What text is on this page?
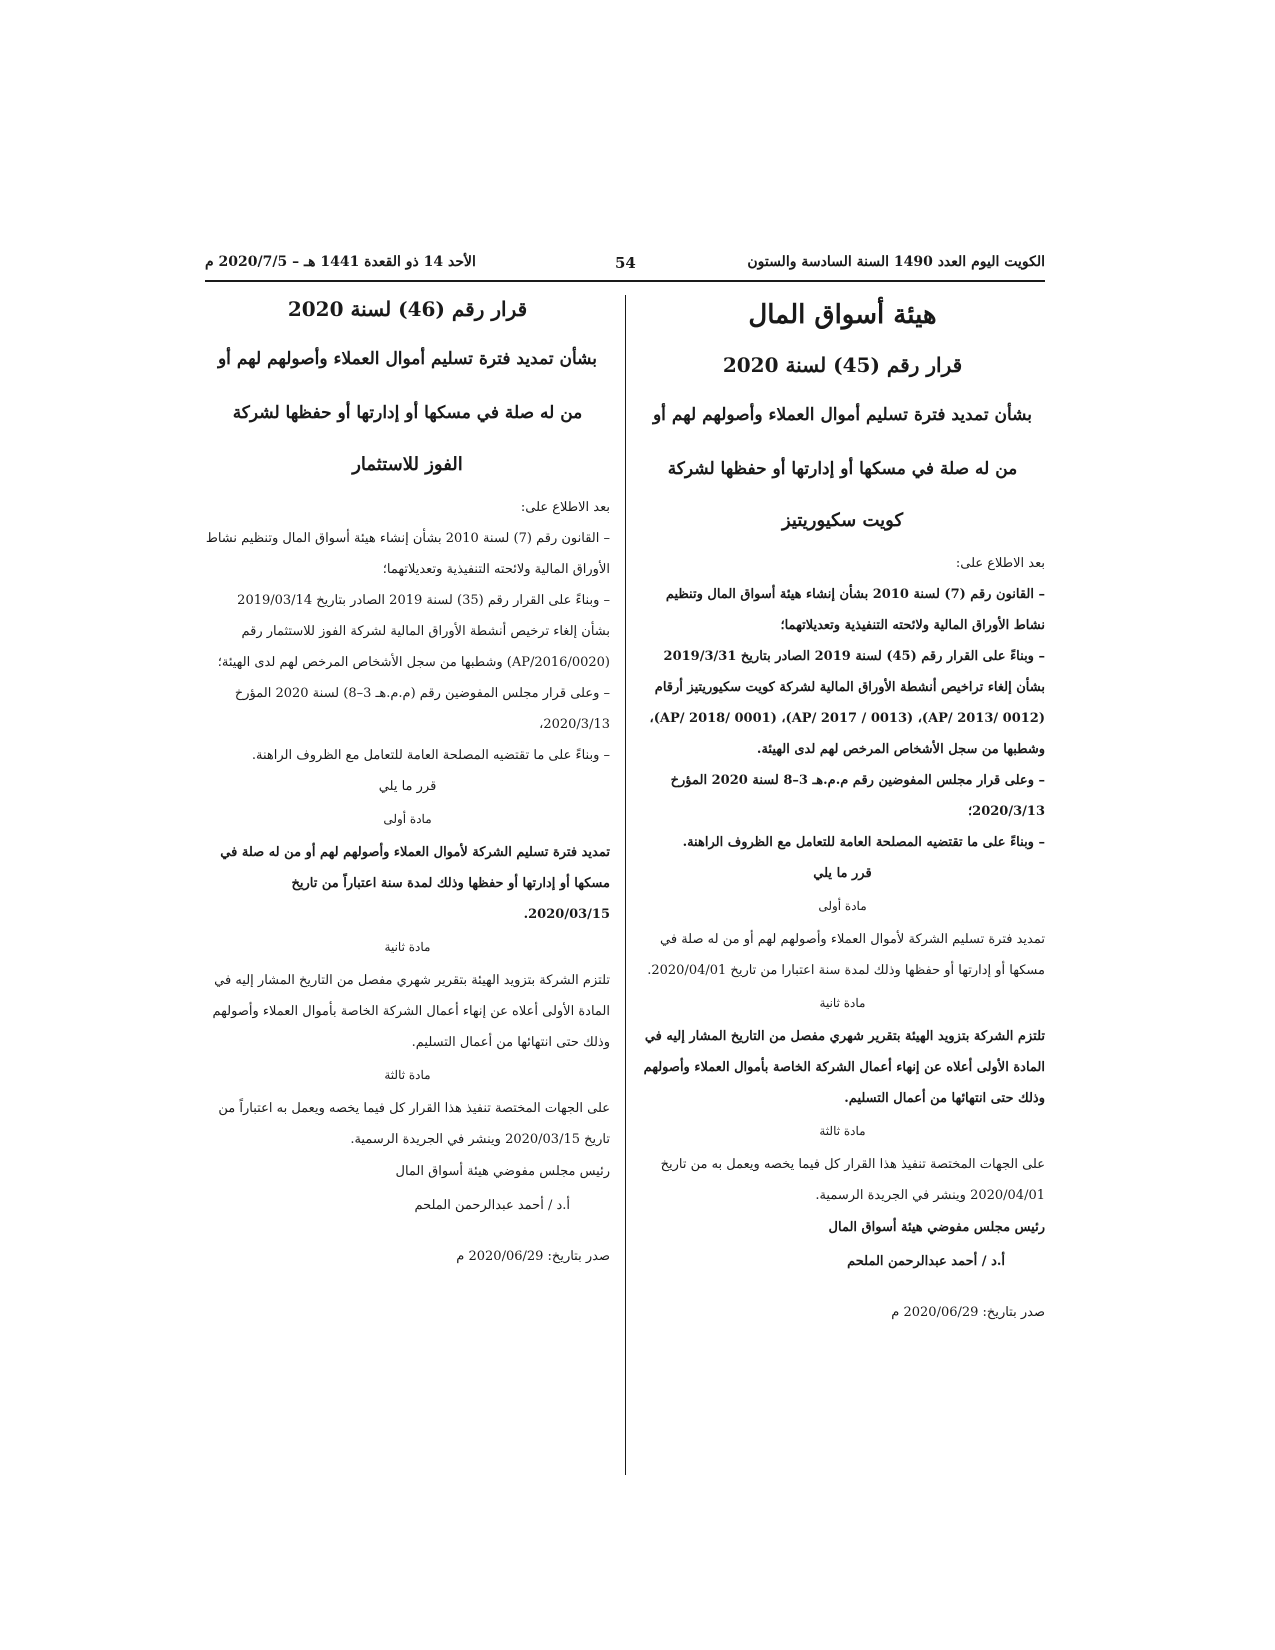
الكويت اليوم العدد 1490 السنة السادسة والستون
54
الأحد 14 ذو القعدة 1441 هـ – 2020/7/5 م
هيئة أسواق المال
قرار رقم (45) لسنة 2020
بشأن تمديد فترة تسليم أموال العملاء وأصولهم لهم أو
من له صلة في مسكها أو إدارتها أو حفظها لشركة
كويت سكيوريتيز

بعد الاطلاع على:

– القانون رقم (7) لسنة 2010 بشأن إنشاء هيئة أسواق المال وتنظيم نشاط الأوراق المالية ولائحته التنفيذية وتعديلاتهما؛

– وبناءً على القرار رقم (45) لسنة 2019 الصادر بتاريخ 2019/3/31 بشأن إلغاء تراخيص أنشطة الأوراق المالية لشركة كويت سكيوريتيز أرقام (AP/ 2013/ 0012)، (AP/ 2017 / 0013)، (AP/ 2018/ 0001)، وشطبها من سجل الأشخاص المرخص لهم لدى الهيئة.

– وعلى قرار مجلس المفوضين رقم م.م.هـ 3–8 لسنة 2020 المؤرخ 2020/3/13؛

– وبناءً على ما تقتضيه المصلحة العامة للتعامل مع الظروف الراهنة.

قرر ما يلي

مادة أولى

تمديد فترة تسليم الشركة لأموال العملاء وأصولهم لهم أو من له صلة في مسكها أو إدارتها أو حفظها وذلك لمدة سنة اعتبارا من تاريخ 2020/04/01.

مادة ثانية

تلتزم الشركة بتزويد الهيئة بتقرير شهري مفصل من التاريخ المشار إليه في المادة الأولى أعلاه عن إنهاء أعمال الشركة الخاصة بأموال العملاء وأصولهم وذلك حتى انتهائها من أعمال التسليم.

مادة ثالثة

على الجهات المختصة تنفيذ هذا القرار كل فيما يخصه ويعمل به من تاريخ 2020/04/01 وينشر في الجريدة الرسمية.

رئيس مجلس مفوضي هيئة أسواق المال
أ.د / أحمد عبدالرحمن الملحم

صدر بتاريخ: 2020/06/29 م

قرار رقم (46) لسنة 2020
بشأن تمديد فترة تسليم أموال العملاء وأصولهم لهم أو
من له صلة في مسكها أو إدارتها أو حفظها لشركة
الفوز للاستثمار

بعد الاطلاع على:

– القانون رقم (7) لسنة 2010 بشأن إنشاء هيئة أسواق المال وتنظيم نشاط الأوراق المالية ولائحته التنفيذية وتعديلاتهما؛

– وبناءً على القرار رقم (35) لسنة 2019 الصادر بتاريخ 2019/03/14 بشأن إلغاء ترخيص أنشطة الأوراق المالية لشركة الفوز للاستثمار رقم (AP/2016/0020) وشطبها من سجل الأشخاص المرخص لهم لدى الهيئة؛

– وعلى قرار مجلس المفوضين رقم (م.م.هـ 3–8) لسنة 2020 المؤرخ 2020/3/13،

– وبناءً على ما تقتضيه المصلحة العامة للتعامل مع الظروف الراهنة.

قرر ما يلي

مادة أولى

تمديد فترة تسليم الشركة لأموال العملاء وأصولهم لهم أو من له صلة في مسكها أو إدارتها أو حفظها وذلك لمدة سنة اعتباراً من تاريخ 2020/03/15.

مادة ثانية

تلتزم الشركة بتزويد الهيئة بتقرير شهري مفصل من التاريخ المشار إليه في المادة الأولى أعلاه عن إنهاء أعمال الشركة الخاصة بأموال العملاء وأصولهم وذلك حتى انتهائها من أعمال التسليم.

مادة ثالثة

على الجهات المختصة تنفيذ هذا القرار كل فيما يخصه ويعمل به اعتباراً من تاريخ 2020/03/15 وينشر في الجريدة الرسمية.

رئيس مجلس مفوضي هيئة أسواق المال
أ.د / أحمد عبدالرحمن الملحم

صدر بتاريخ: 2020/06/29 م
